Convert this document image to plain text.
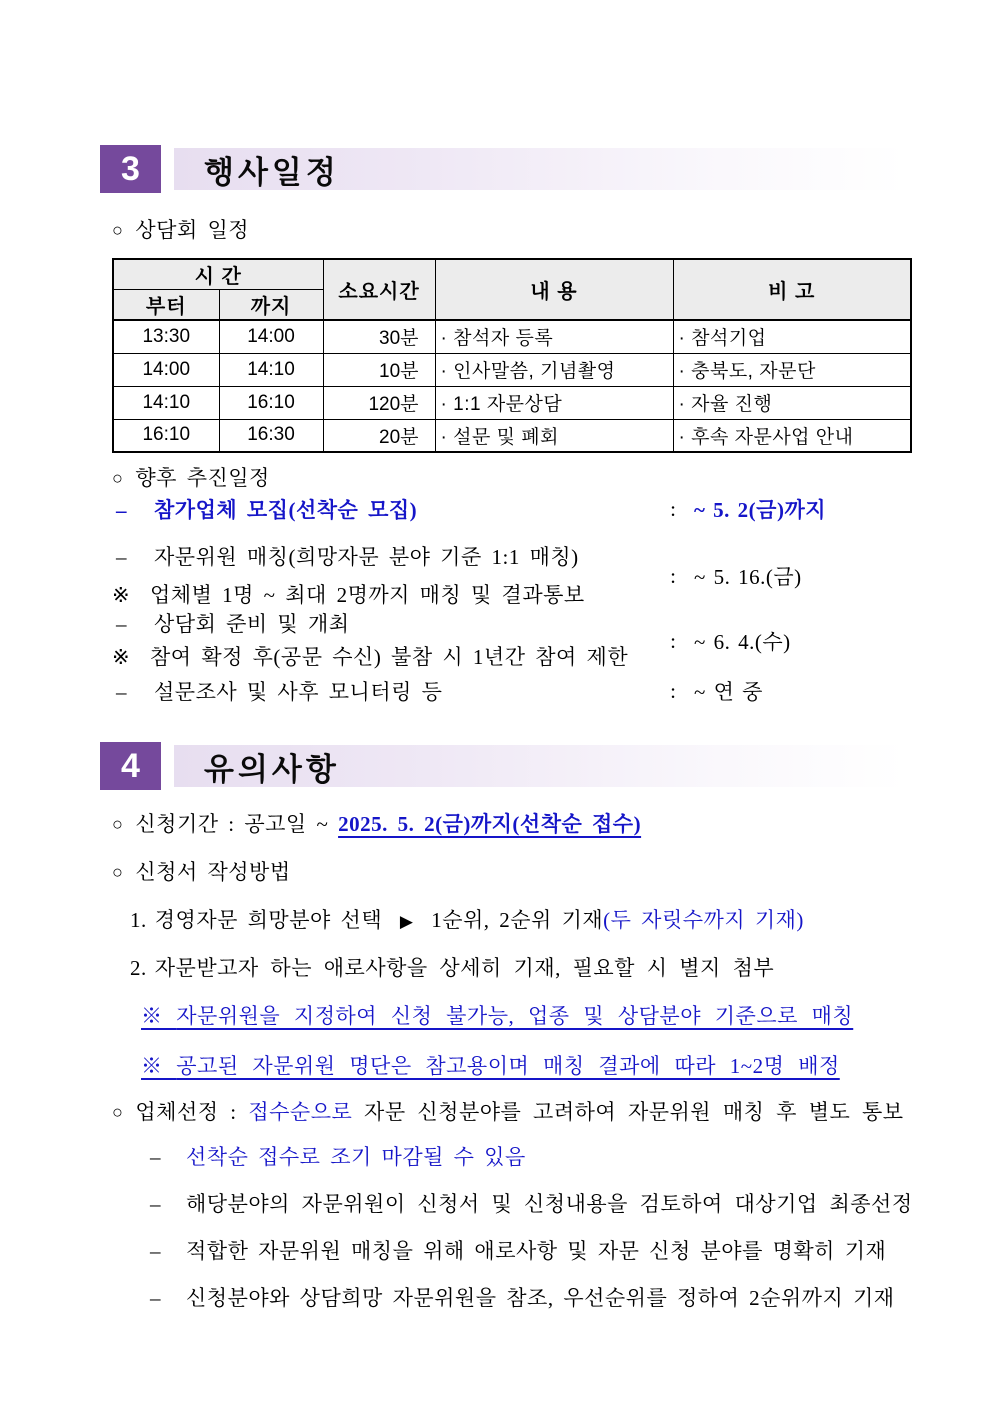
3	행사일정
○ 상담회 일정
시 간		소요시간	내 용	비 고
부터	까지			
13:30	14:00	30분	· 참석자 등록	· 참석기업
14:00	14:10	10분	· 인사말씀, 기념촬영	· 충북도, 자문단
14:10	16:10	120분	· 1:1 자문상담	· 자율 진행
16:10	16:30	20분	· 설문 및 폐회	· 후속 자문사업 안내
○ 향후 추진일정
–	참가업체 모집(선착순 모집)	: ~ 5. 2(금)까지
–	자문위원 매칭(희망자문 분야 기준 1:1 매칭)
※ 업체별 1명 ~ 최대 2명까지 매칭 및 결과통보
: ~ 5. 16.(금)
–	상담회 준비 및 개최
※ 참여 확정 후(공문 수신) 불참 시 1년간 참여 제한
: ~ 6. 4.(수)
–	설문조사 및 사후 모니터링 등	: ~ 연 중
4	유의사항
○ 신청기간 : 공고일 ~ 2025. 5. 2(금)까지(선착순 접수)
○ 신청서 작성방법
1. 경영자문 희망분야 선택 ▶ 1순위, 2순위 기재(두 자릿수까지 기재)
2. 자문받고자 하는 애로사항을 상세히 기재, 필요할 시 별지 첨부
※ 자문위원을 지정하여 신청 불가능, 업종 및 상담분야 기준으로 매칭
※ 공고된 자문위원 명단은 참고용이며 매칭 결과에 따라 1~2명 배정
○ 업체선정 : 접수순으로 자문 신청분야를 고려하여 자문위원 매칭 후 별도 통보
– 선착순 접수로 조기 마감될 수 있음
– 해당분야의 자문위원이 신청서 및 신청내용을 검토하여 대상기업 최종선정
– 적합한 자문위원 매칭을 위해 애로사항 및 자문 신청 분야를 명확히 기재
– 신청분야와 상담희망 자문위원을 참조, 우선순위를 정하여 2순위까지 기재
